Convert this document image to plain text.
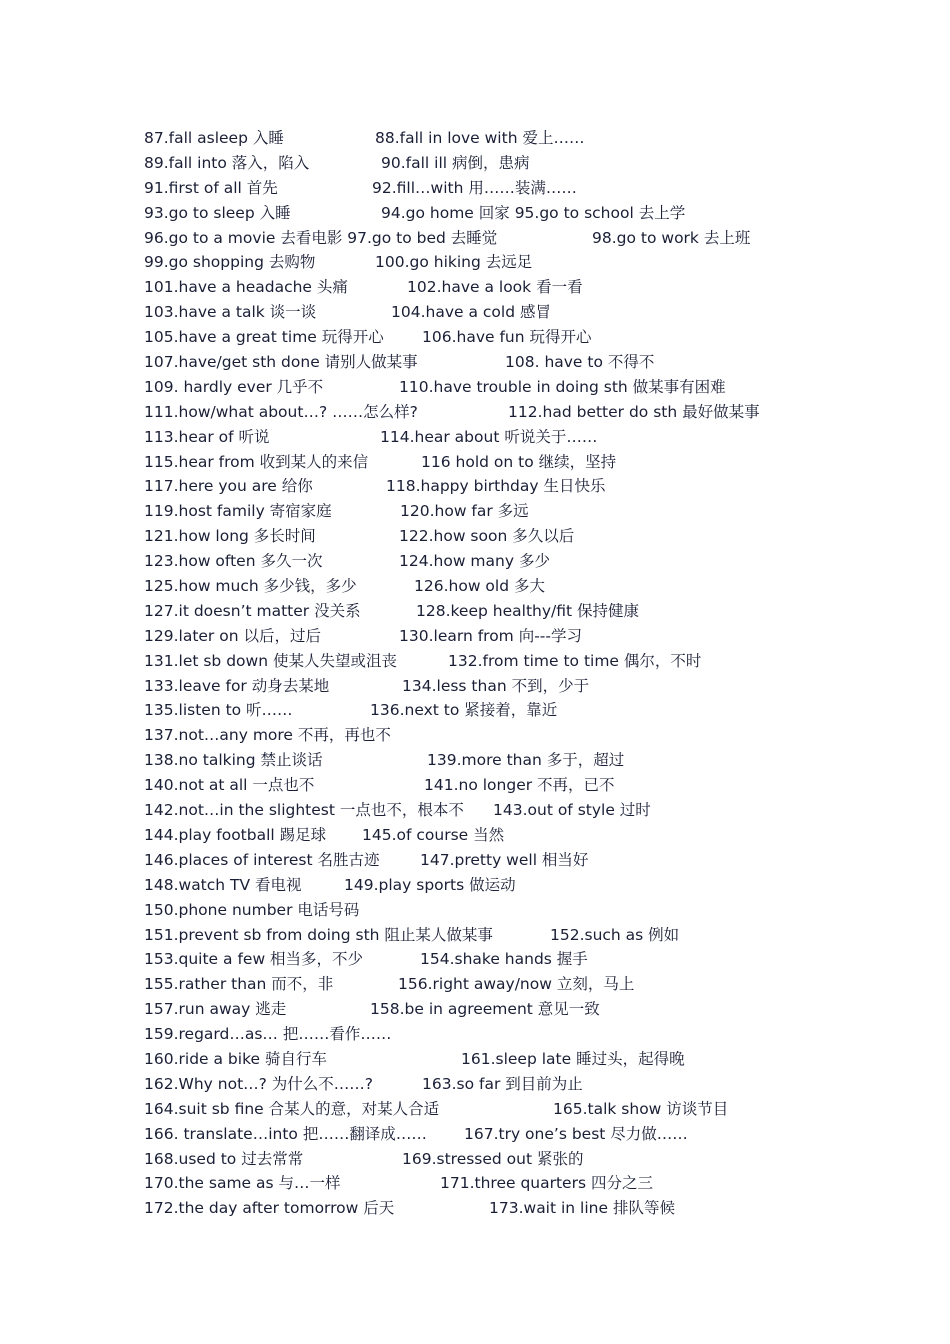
87.fall asleep 入睡	88.fall in love with 爱上……
89.fall into 落入，陷入	90.fall ill 病倒，患病
91.first of all 首先	92.fill…with 用……装满……
93.go to sleep 入睡	94.go home 回家 95.go to school 去上学
96.go to a movie 去看电影 97.go to bed 去睡觉	98.go to work 去上班
99.go shopping 去购物	100.go hiking 去远足
101.have a headache 头痛	102.have a look 看一看
103.have a talk 谈一谈	104.have a cold 感冒
105.have a great time 玩得开心 106.have fun 玩得开心
107.have/get sth done 请别人做某事	108. have to 不得不
109. hardly ever 几乎不	110.have trouble in doing sth 做某事有困难
111.how/what about…? ……怎么样?	112.had better do sth 最好做某事
113.hear of 听说	114.hear about 听说关于……
115.hear from 收到某人的来信	116 hold on to 继续，坚持
117.here you are 给你	118.happy birthday 生日快乐
119.host family 寄宿家庭	120.how far 多远
121.how long 多长时间	122.how soon 多久以后
123.how often 多久一次	124.how many 多少
125.how much 多少钱，多少	126.how old 多大
127.it doesn’t matter 没关系	128.keep healthy/fit 保持健康
129.later on 以后，过后	130.learn from 向---学习
131.let sb down 使某人失望或沮丧	132.from time to time 偶尔，不时
133.leave for 动身去某地	134.less than 不到，少于
135.listen to 听……	136.next to 紧接着，靠近
137.not…any more 不再，再也不
138.no talking 禁止谈话	139.more than 多于，超过
140.not at all 一点也不	141.no longer 不再，已不
142.not…in the slightest 一点也不，根本不 143.out of style 过时
144.play football 踢足球 145.of course 当然
146.places of interest 名胜古迹	147.pretty well 相当好
148.watch TV 看电视	149.play sports 做运动
150.phone number 电话号码
151.prevent sb from doing sth 阻止某人做某事	152.such as 例如
153.quite a few 相当多，不少	154.shake hands 握手
155.rather than 而不，非	156.right away/now 立刻，马上
157.run away 逃走	158.be in agreement 意见一致
159.regard…as… 把……看作……
160.ride a bike 骑自行车	161.sleep late 睡过头，起得晚
162.Why not…? 为什么不……?	163.so far 到目前为止
164.suit sb fine 合某人的意，对某人合适	165.talk show 访谈节目
166. translate…into 把……翻译成…… 167.try one’s best 尽力做……
168.used to 过去常常	169.stressed out 紧张的
170.the same as 与…一样	171.three quarters 四分之三
172.the day after tomorrow 后天	173.wait in line 排队等候
